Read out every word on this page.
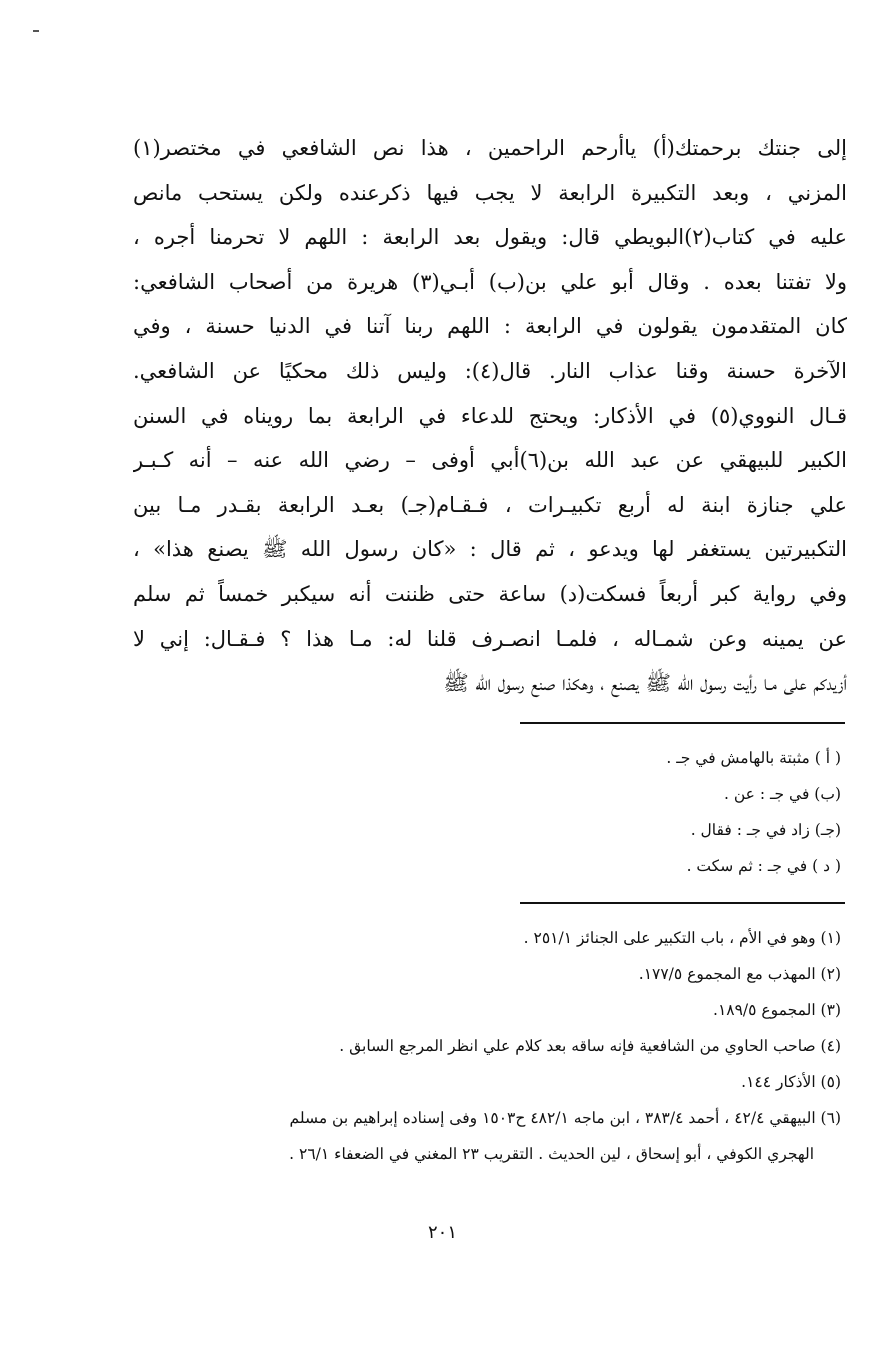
إلى جنتك برحمتك(أ) ياأرحم الراحمين ، هذا نص الشافعي في مختصر(١)
المزني ، وبعد التكبيرة الرابعة لا يجب فيها ذكرعنده ولكن يستحب مانص
عليه في كتاب(٢)البويطي قال: ويقول بعد الرابعة : اللهم لا تحرمنا أجره ،
ولا تفتنا بعده . وقال أبو علي بن(ب) أبـي(٣) هريرة من أصحاب الشافعي:
كان المتقدمون يقولون في الرابعة : اللهم ربنا آتنا في الدنيا حسنة ، وفي
الآخرة حسنة وقنا عذاب النار. قال(٤): وليس ذلك محكيًا عن الشافعي.
قـال النووي(٥) في الأذكار: ويحتج للدعاء في الرابعة بما رويناه في السنن
الكبير للبيهقي عن عبد الله بن(٦)أبي أوفى – رضي الله عنه – أنه كـبـر
علي جنازة ابنة له أربع تكبيـرات ، فـقـام(جـ) بعـد الرابعة بقـدر مـا بين
التكبيرتين يستغفر لها ويدعو ، ثم قال : «كان رسول الله ﷺ يصنع هذا» ،
وفي رواية كبر أربعاً فسكت(د) ساعة حتى ظننت أنه سيكبر خمساً ثم سلم
عن يمينه وعن شمـاله ، فلمـا انصـرف قلنا له: مـا هذا ؟ فـقـال: إني لا
أزيدكم على مـا رأيت رسول الله ﷺ يصنع ، وهكذا صنع رسول الله ﷺ
( أ ) مثبتة بالهامش في جـ .
(ب) في جـ : عن .
(جـ) زاد في جـ : فقال .
( د ) في جـ : ثم سكت .
(١) وهو في الأم ، باب التكبير على الجنائز ٢٥١/١ .
(٢) المهذب مع المجموع ١٧٧/٥.
(٣) المجموع ١٨٩/٥.
(٤) صاحب الحاوي من الشافعية فإنه ساقه بعد كلام علي انظر المرجع السابق .
(٥) الأذكار ١٤٤.
(٦) البيهقي ٤٢/٤ ، أحمد ٣٨٣/٤ ، ابن ماجه ٤٨٢/١ ح١٥٠٣ وفى إسناده إبراهيم بن مسلم
الهجري الكوفي ، أبو إسحاق ، لين الحديث . التقريب ٢٣ المغني في الضعفاء ٢٦/١ .
٢٠١
